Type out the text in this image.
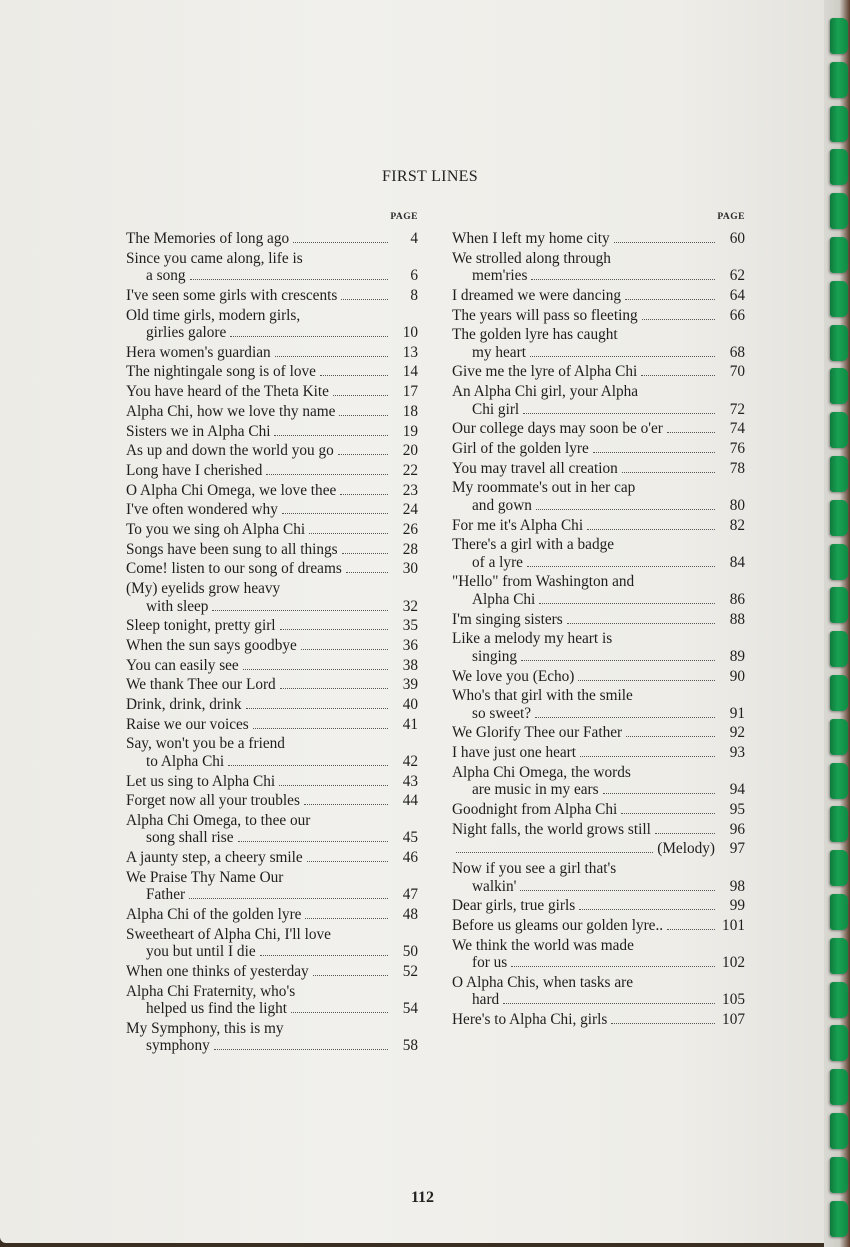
FIRST LINES
PAGE
The Memories of long ago	4
Since you came along, life is
a song	6
I've seen some girls with crescents	8
Old time girls, modern girls,
girlies galore	10
Hera women's guardian	13
The nightingale song is of love	14
You have heard of the Theta Kite	17
Alpha Chi, how we love thy name	18
Sisters we in Alpha Chi	19
As up and down the world you go	20
Long have I cherished	22
O Alpha Chi Omega, we love thee	23
I've often wondered why	24
To you we sing oh Alpha Chi	26
Songs have been sung to all things	28
Come! listen to our song of dreams	30
(My) eyelids grow heavy
with sleep	32
Sleep tonight, pretty girl	35
When the sun says goodbye	36
You can easily see	38
We thank Thee our Lord	39
Drink, drink, drink	40
Raise we our voices	41
Say, won't you be a friend
to Alpha Chi	42
Let us sing to Alpha Chi	43
Forget now all your troubles	44
Alpha Chi Omega, to thee our
song shall rise	45
A jaunty step, a cheery smile	46
We Praise Thy Name Our
Father	47
Alpha Chi of the golden lyre	48
Sweetheart of Alpha Chi, I'll love
you but until I die	50
When one thinks of yesterday	52
Alpha Chi Fraternity, who's
helped us find the light	54
My Symphony, this is my
symphony	58
PAGE
When I left my home city	60
We strolled along through
mem'ries	62
I dreamed we were dancing	64
The years will pass so fleeting	66
The golden lyre has caught
my heart	68
Give me the lyre of Alpha Chi	70
An Alpha Chi girl, your Alpha
Chi girl	72
Our college days may soon be o'er	74
Girl of the golden lyre	76
You may travel all creation	78
My roommate's out in her cap
and gown	80
For me it's Alpha Chi	82
There's a girl with a badge
of a lyre	84
"Hello" from Washington and
Alpha Chi	86
I'm singing sisters	88
Like a melody my heart is
singing	89
We love you (Echo)	90
Who's that girl with the smile
so sweet?	91
We Glorify Thee our Father	92
I have just one heart	93
Alpha Chi Omega, the words
are music in my ears	94
Goodnight from Alpha Chi	95
Night falls, the world grows still	96
(Melody) 97
Now if you see a girl that's
walkin'	98
Dear girls, true girls	99
Before us gleams our golden lyre..	101
We think the world was made
for us	102
O Alpha Chis, when tasks are
hard	105
Here's to Alpha Chi, girls	107
112
